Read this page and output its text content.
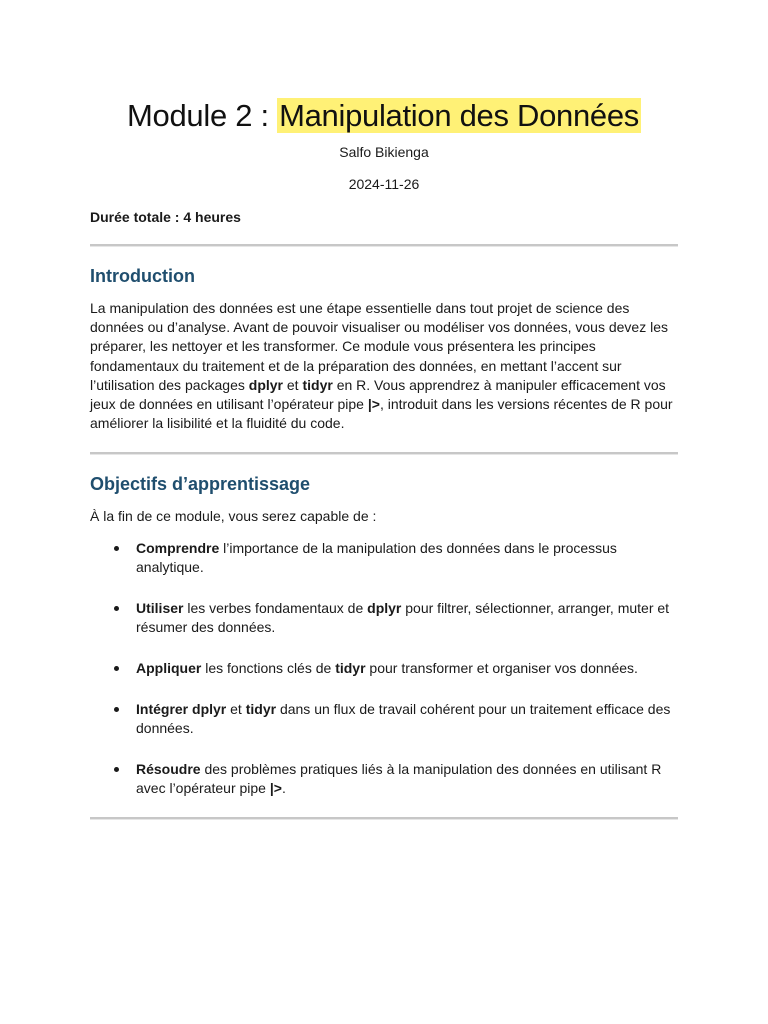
Module 2 : Manipulation des Données
Salfo Bikienga
2024-11-26
Durée totale : 4 heures
Introduction

La manipulation des données est une étape essentielle dans tout projet de science des données ou d’analyse. Avant de pouvoir visualiser ou modéliser vos données, vous devez les préparer, les nettoyer et les transformer. Ce module vous présentera les principes fondamentaux du traitement et de la préparation des données, en mettant l’accent sur l’utilisation des packages dplyr et tidyr en R. Vous apprendrez à manipuler efficacement vos jeux de données en utilisant l’opérateur pipe |>, introduit dans les versions récentes de R pour améliorer la lisibilité et la fluidité du code.

Objectifs d’apprentissage

À la fin de ce module, vous serez capable de :

Comprendre l’importance de la manipulation des données dans le processus analytique.
Utiliser les verbes fondamentaux de dplyr pour filtrer, sélectionner, arranger, muter et résumer des données.
Appliquer les fonctions clés de tidyr pour transformer et organiser vos données.
Intégrer dplyr et tidyr dans un flux de travail cohérent pour un traitement efficace des données.
Résoudre des problèmes pratiques liés à la manipulation des données en utilisant R avec l’opérateur pipe |>.
